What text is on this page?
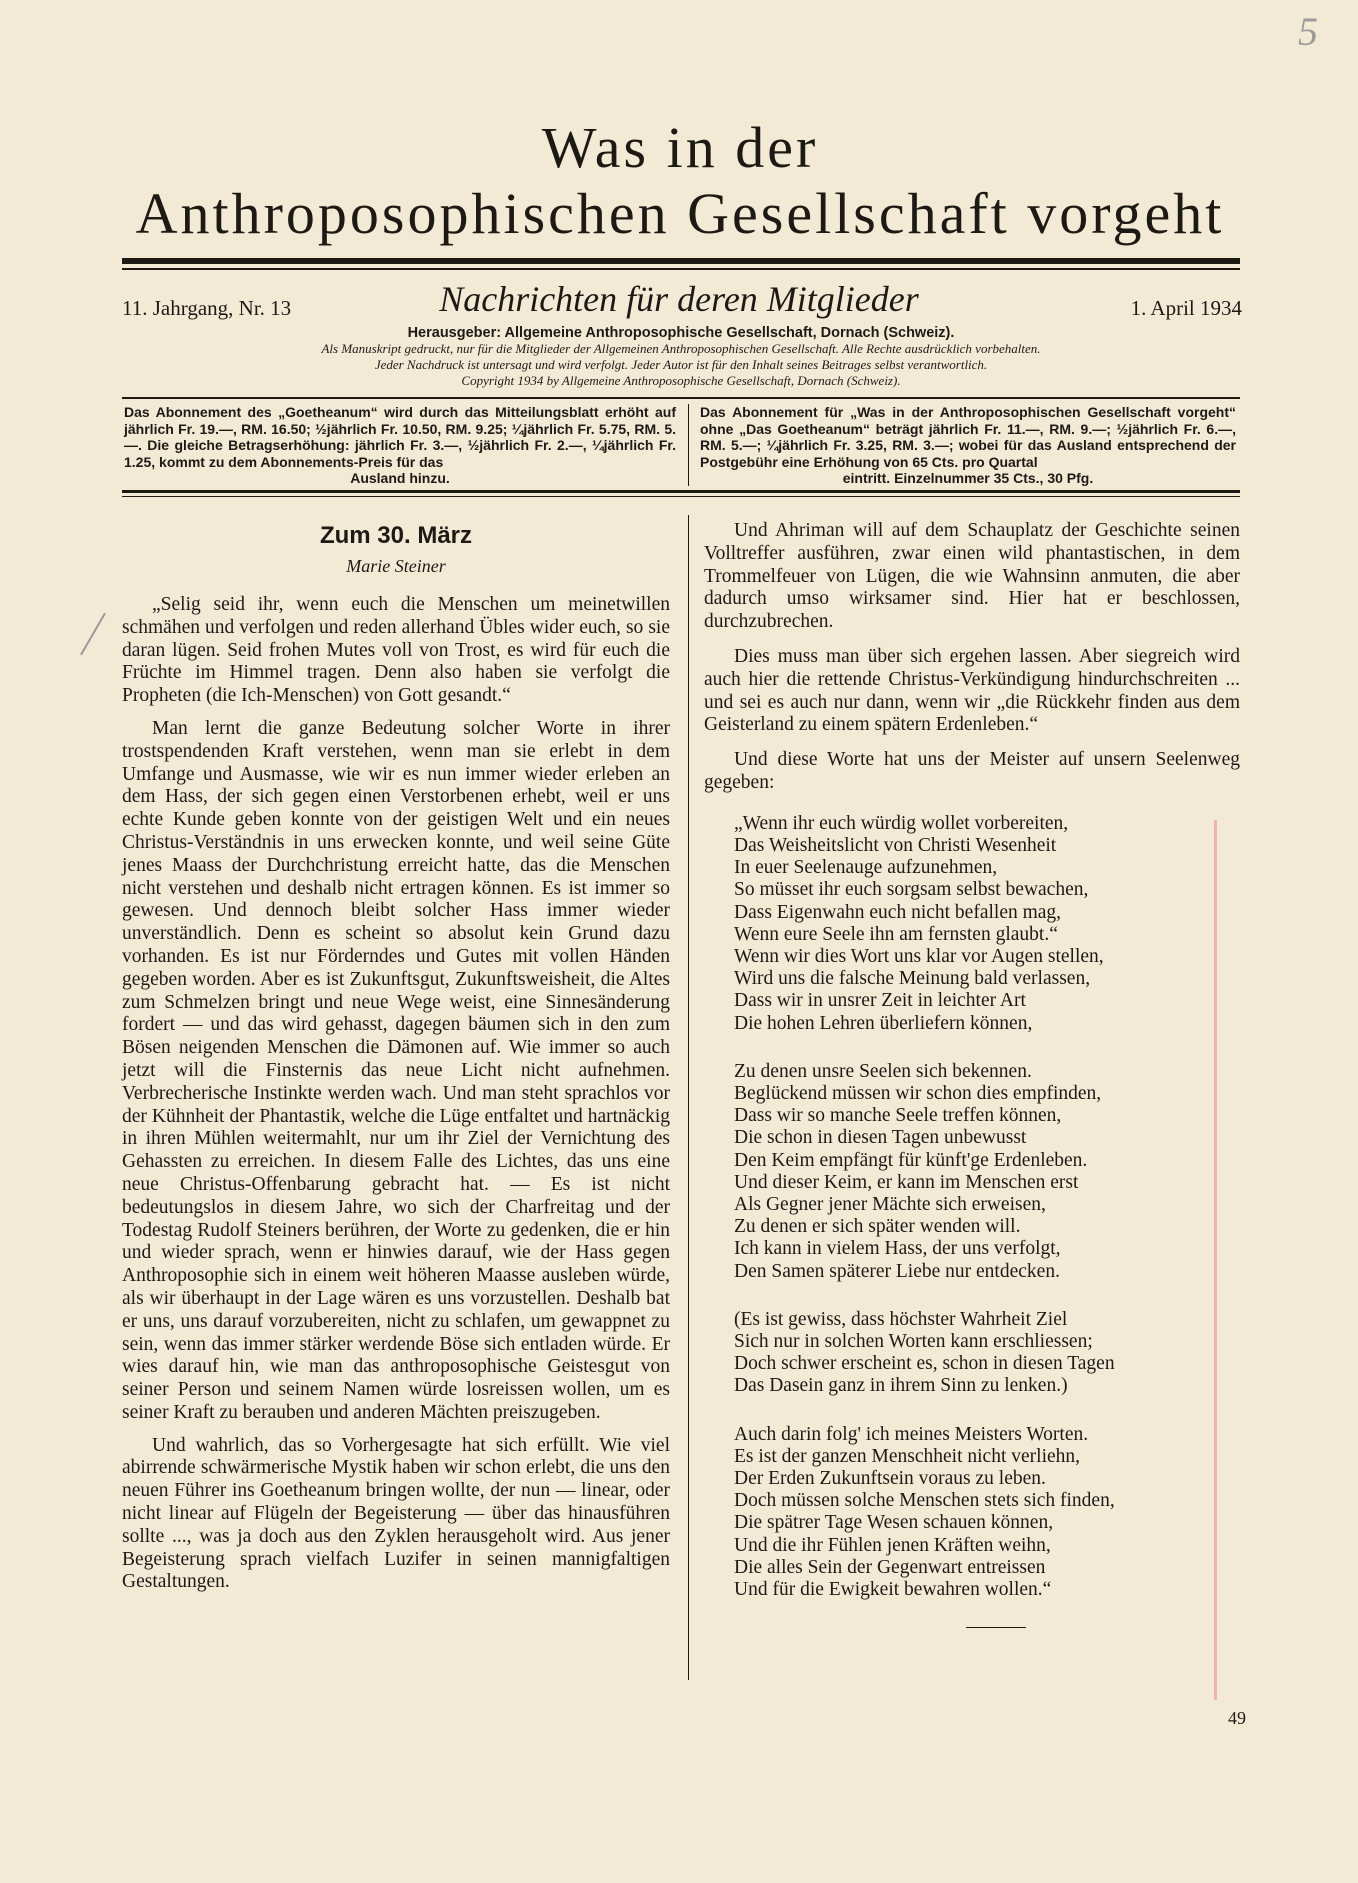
5
Was in der
Anthroposophischen Gesellschaft vorgeht
Nachrichten für deren Mitglieder
11. Jahrgang, Nr. 13	1. April 1934
Herausgeber: Allgemeine Anthroposophische Gesellschaft, Dornach (Schweiz).
Als Manuskript gedruckt, nur für die Mitglieder der Allgemeinen Anthroposophischen Gesellschaft. Alle Rechte ausdrücklich vorbehalten.
Jeder Nachdruck ist untersagt und wird verfolgt. Jeder Autor ist für den Inhalt seines Beitrages selbst verantwortlich.
Copyright 1934 by Allgemeine Anthroposophische Gesellschaft, Dornach (Schweiz).
Das Abonnement des „Goetheanum“ wird durch das Mitteilungsblatt erhöht auf jährlich Fr. 19.—, RM. 16.50; ½jährlich Fr. 10.50, RM. 9.25; ¼jährlich Fr. 5.75, RM. 5.—. Die gleiche Betragserhöhung: jährlich Fr. 3.—, ½jährlich Fr. 2.—, ¼jährlich Fr. 1.25, kommt zu dem Abonnements-Preis für das
Ausland hinzu.
Das Abonnement für „Was in der Anthroposophischen Gesellschaft vorgeht“ ohne „Das Goetheanum“ beträgt jährlich Fr. 11.—, RM. 9.—; ½jährlich Fr. 6.—, RM. 5.—; ¼jährlich Fr. 3.25, RM. 3.—; wobei für das Ausland entsprechend der Postgebühr eine Erhöhung von 65 Cts. pro Quartal
eintritt. Einzelnummer 35 Cts., 30 Pfg.
Zum 30. März
Marie Steiner

„Selig seid ihr, wenn euch die Menschen um meinetwillen schmähen und verfolgen und reden allerhand Übles wider euch, so sie daran lügen. Seid frohen Mutes voll von Trost, es wird für euch die Früchte im Himmel tragen. Denn also haben sie verfolgt die Propheten (die Ich-Menschen) von Gott gesandt.“

Man lernt die ganze Bedeutung solcher Worte in ihrer trostspendenden Kraft verstehen, wenn man sie erlebt in dem Umfange und Ausmasse, wie wir es nun immer wieder erleben an dem Hass, der sich gegen einen Verstorbenen erhebt, weil er uns echte Kunde geben konnte von der geistigen Welt und ein neues Christus-Verständnis in uns erwecken konnte, und weil seine Güte jenes Maass der Durchchristung erreicht hatte, das die Menschen nicht verstehen und deshalb nicht ertragen können. Es ist immer so gewesen. Und dennoch bleibt solcher Hass immer wieder unverständlich. Denn es scheint so absolut kein Grund dazu vorhanden. Es ist nur Förderndes und Gutes mit vollen Händen gegeben worden. Aber es ist Zukunftsgut, Zukunftsweisheit, die Altes zum Schmelzen bringt und neue Wege weist, eine Sinnesänderung fordert — und das wird gehasst, dagegen bäumen sich in den zum Bösen neigenden Menschen die Dämonen auf. Wie immer so auch jetzt will die Finsternis das neue Licht nicht aufnehmen. Verbrecherische Instinkte werden wach. Und man steht sprachlos vor der Kühnheit der Phantastik, welche die Lüge entfaltet und hartnäckig in ihren Mühlen weitermahlt, nur um ihr Ziel der Vernichtung des Gehassten zu erreichen. In diesem Falle des Lichtes, das uns eine neue Christus-Offenbarung gebracht hat. — Es ist nicht bedeutungslos in diesem Jahre, wo sich der Charfreitag und der Todestag Rudolf Steiners berühren, der Worte zu gedenken, die er hin und wieder sprach, wenn er hinwies darauf, wie der Hass gegen Anthroposophie sich in einem weit höheren Maasse ausleben würde, als wir überhaupt in der Lage wären es uns vorzustellen. Deshalb bat er uns, uns darauf vorzubereiten, nicht zu schlafen, um gewappnet zu sein, wenn das immer stärker werdende Böse sich entladen würde. Er wies darauf hin, wie man das anthroposophische Geistesgut von seiner Person und seinem Namen würde losreissen wollen, um es seiner Kraft zu berauben und anderen Mächten preiszugeben.

Und wahrlich, das so Vorhergesagte hat sich erfüllt. Wie viel abirrende schwärmerische Mystik haben wir schon erlebt, die uns den neuen Führer ins Goetheanum bringen wollte, der nun — linear, oder nicht linear auf Flügeln der Begeisterung — über das hinausführen sollte ..., was ja doch aus den Zyklen herausgeholt wird. Aus jener Begeisterung sprach vielfach Luzifer in seinen mannigfaltigen Gestaltungen.

Und Ahriman will auf dem Schauplatz der Geschichte seinen Volltreffer ausführen, zwar einen wild phantastischen, in dem Trommelfeuer von Lügen, die wie Wahnsinn anmuten, die aber dadurch umso wirksamer sind. Hier hat er beschlossen, durchzubrechen.

Dies muss man über sich ergehen lassen. Aber siegreich wird auch hier die rettende Christus-Verkündigung hindurchschreiten ... und sei es auch nur dann, wenn wir „die Rückkehr finden aus dem Geisterland zu einem spätern Erdenleben.“

Und diese Worte hat uns der Meister auf unsern Seelenweg gegeben:

„Wenn ihr euch würdig wollet vorbereiten,
Das Weisheitslicht von Christi Wesenheit
In euer Seelenauge aufzunehmen,
So müsset ihr euch sorgsam selbst bewachen,
Dass Eigenwahn euch nicht befallen mag,
Wenn eure Seele ihn am fernsten glaubt.“
Wenn wir dies Wort uns klar vor Augen stellen,
Wird uns die falsche Meinung bald verlassen,
Dass wir in unsrer Zeit in leichter Art
Die hohen Lehren überliefern können,
Zu denen unsre Seelen sich bekennen.
Beglückend müssen wir schon dies empfinden,
Dass wir so manche Seele treffen können,
Die schon in diesen Tagen unbewusst
Den Keim empfängt für künft'ge Erdenleben.
Und dieser Keim, er kann im Menschen erst
Als Gegner jener Mächte sich erweisen,
Zu denen er sich später wenden will.
Ich kann in vielem Hass, der uns verfolgt,
Den Samen späterer Liebe nur entdecken.
(Es ist gewiss, dass höchster Wahrheit Ziel
Sich nur in solchen Worten kann erschliessen;
Doch schwer erscheint es, schon in diesen Tagen
Das Dasein ganz in ihrem Sinn zu lenken.)
Auch darin folg' ich meines Meisters Worten.
Es ist der ganzen Menschheit nicht verliehn,
Der Erden Zukunftsein voraus zu leben.
Doch müssen solche Menschen stets sich finden,
Die spätrer Tage Wesen schauen können,
Und die ihr Fühlen jenen Kräften weihn,
Die alles Sein der Gegenwart entreissen
Und für die Ewigkeit bewahren wollen.“
49
